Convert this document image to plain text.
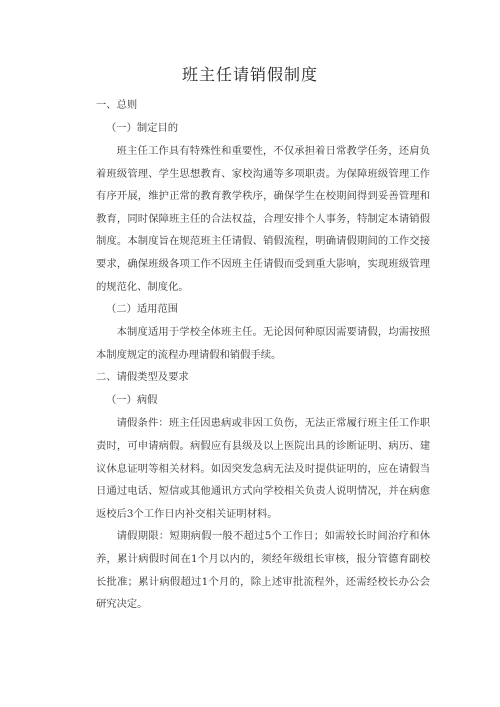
班主任请销假制度

一、总则

（一）制定目的

班主任工作具有特殊性和重要性，不仅承担着日常教学任务，还肩负着班级管理、学生思想教育、家校沟通等多项职责。为保障班级管理工作有序开展，维护正常的教育教学秩序，确保学生在校期间得到妥善管理和教育，同时保障班主任的合法权益，合理安排个人事务，特制定本请销假制度。本制度旨在规范班主任请假、销假流程，明确请假期间的工作交接要求，确保班级各项工作不因班主任请假而受到重大影响，实现班级管理的规范化、制度化。

（二）适用范围

本制度适用于学校全体班主任。无论因何种原因需要请假，均需按照本制度规定的流程办理请假和销假手续。

二、请假类型及要求

（一）病假

请假条件：班主任因患病或非因工负伤，无法正常履行班主任工作职责时，可申请病假。病假应有县级及以上医院出具的诊断证明、病历、建议休息证明等相关材料。如因突发急病无法及时提供证明的，应在请假当日通过电话、短信或其他通讯方式向学校相关负责人说明情况，并在病愈返校后3个工作日内补交相关证明材料。

请假期限：短期病假一般不超过5个工作日；如需较长时间治疗和休养，累计病假时间在1个月以内的，须经年级组长审核，报分管德育副校长批准；累计病假超过1个月的，除上述审批流程外，还需经校长办公会研究决定。
